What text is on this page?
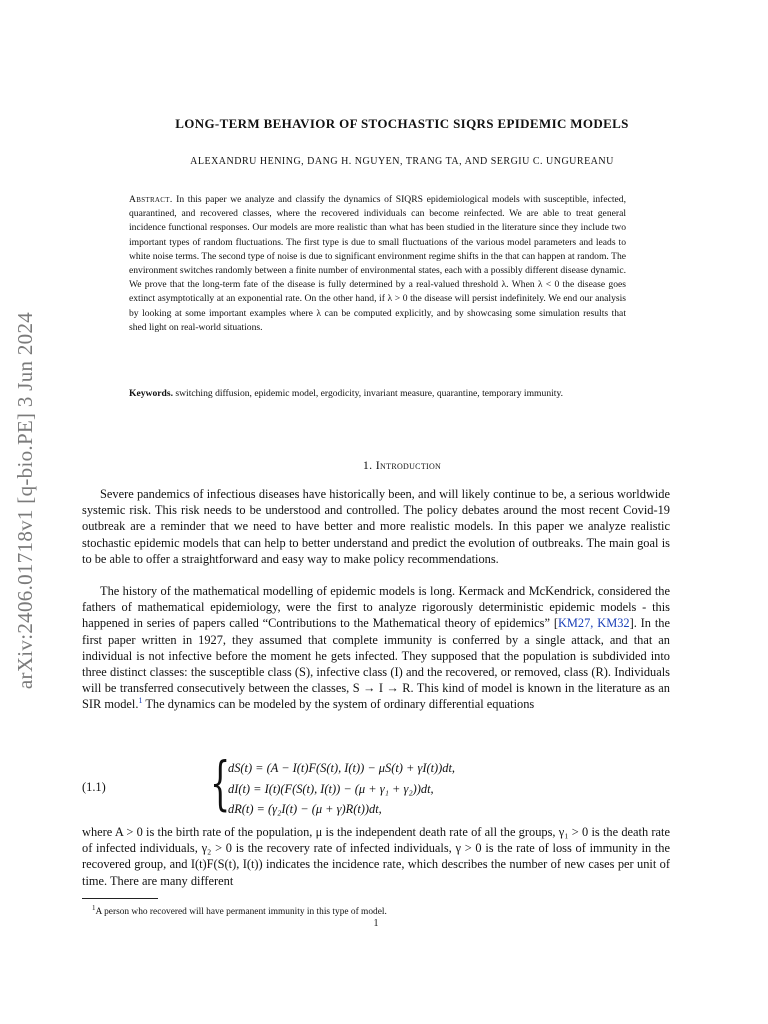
arXiv:2406.01718v1 [q-bio.PE] 3 Jun 2024
LONG-TERM BEHAVIOR OF STOCHASTIC SIQRS EPIDEMIC MODELS
ALEXANDRU HENING, DANG H. NGUYEN, TRANG TA, AND SERGIU C. UNGUREANU
Abstract. In this paper we analyze and classify the dynamics of SIQRS epidemiological models with susceptible, infected, quarantined, and recovered classes, where the recovered individuals can become reinfected. We are able to treat general incidence functional responses. Our models are more realistic than what has been studied in the literature since they include two important types of random fluctuations. The first type is due to small fluctuations of the various model parameters and leads to white noise terms. The second type of noise is due to significant environment regime shifts in the that can happen at random. The environment switches randomly between a finite number of environmental states, each with a possibly different disease dynamic. We prove that the long-term fate of the disease is fully determined by a real-valued threshold λ. When λ < 0 the disease goes extinct asymptotically at an exponential rate. On the other hand, if λ > 0 the disease will persist indefinitely. We end our analysis by looking at some important examples where λ can be computed explicitly, and by showcasing some simulation results that shed light on real-world situations.
Keywords. switching diffusion, epidemic model, ergodicity, invariant measure, quarantine, temporary immunity.
1. Introduction

Severe pandemics of infectious diseases have historically been, and will likely continue to be, a serious worldwide systemic risk. This risk needs to be understood and controlled. The policy debates around the most recent Covid-19 outbreak are a reminder that we need to have better and more realistic models. In this paper we analyze realistic stochastic epidemic models that can help to better understand and predict the evolution of outbreaks. The main goal is to be able to offer a straightforward and easy way to make policy recommendations.

The history of the mathematical modelling of epidemic models is long. Kermack and McKendrick, considered the fathers of mathematical epidemiology, were the first to analyze rigorously deterministic epidemic models - this happened in series of papers called “Contributions to the Mathematical theory of epidemics” [KM27, KM32]. In the first paper written in 1927, they assumed that complete immunity is conferred by a single attack, and that an individual is not infective before the moment he gets infected. They supposed that the population is subdivided into three distinct classes: the susceptible class (S), infective class (I) and the recovered, or removed, class (R). Individuals will be transferred consecutively between the classes, S → I → R. This kind of model is known in the literature as an SIR model.$^1$ The dynamics can be modeled by the system of ordinary differential equations

(1.1) {
dS(t) = (A − I(t)F(S(t), I(t)) − μS(t) + γI(t))dt,
dI(t) = I(t)(F(S(t), I(t)) − (μ + γ₁ + γ₂))dt,
dR(t) = (γ₂I(t) − (μ + γ)R(t))dt,

where A > 0 is the birth rate of the population, μ is the independent death rate of all the groups, γ₁ > 0 is the death rate of infected individuals, γ₂ > 0 is the recovery rate of infected individuals, γ > 0 is the rate of loss of immunity in the recovered group, and I(t)F(S(t), I(t)) indicates the incidence rate, which describes the number of new cases per unit of time. There are many different

$^1$A person who recovered will have permanent immunity in this type of model.
1
